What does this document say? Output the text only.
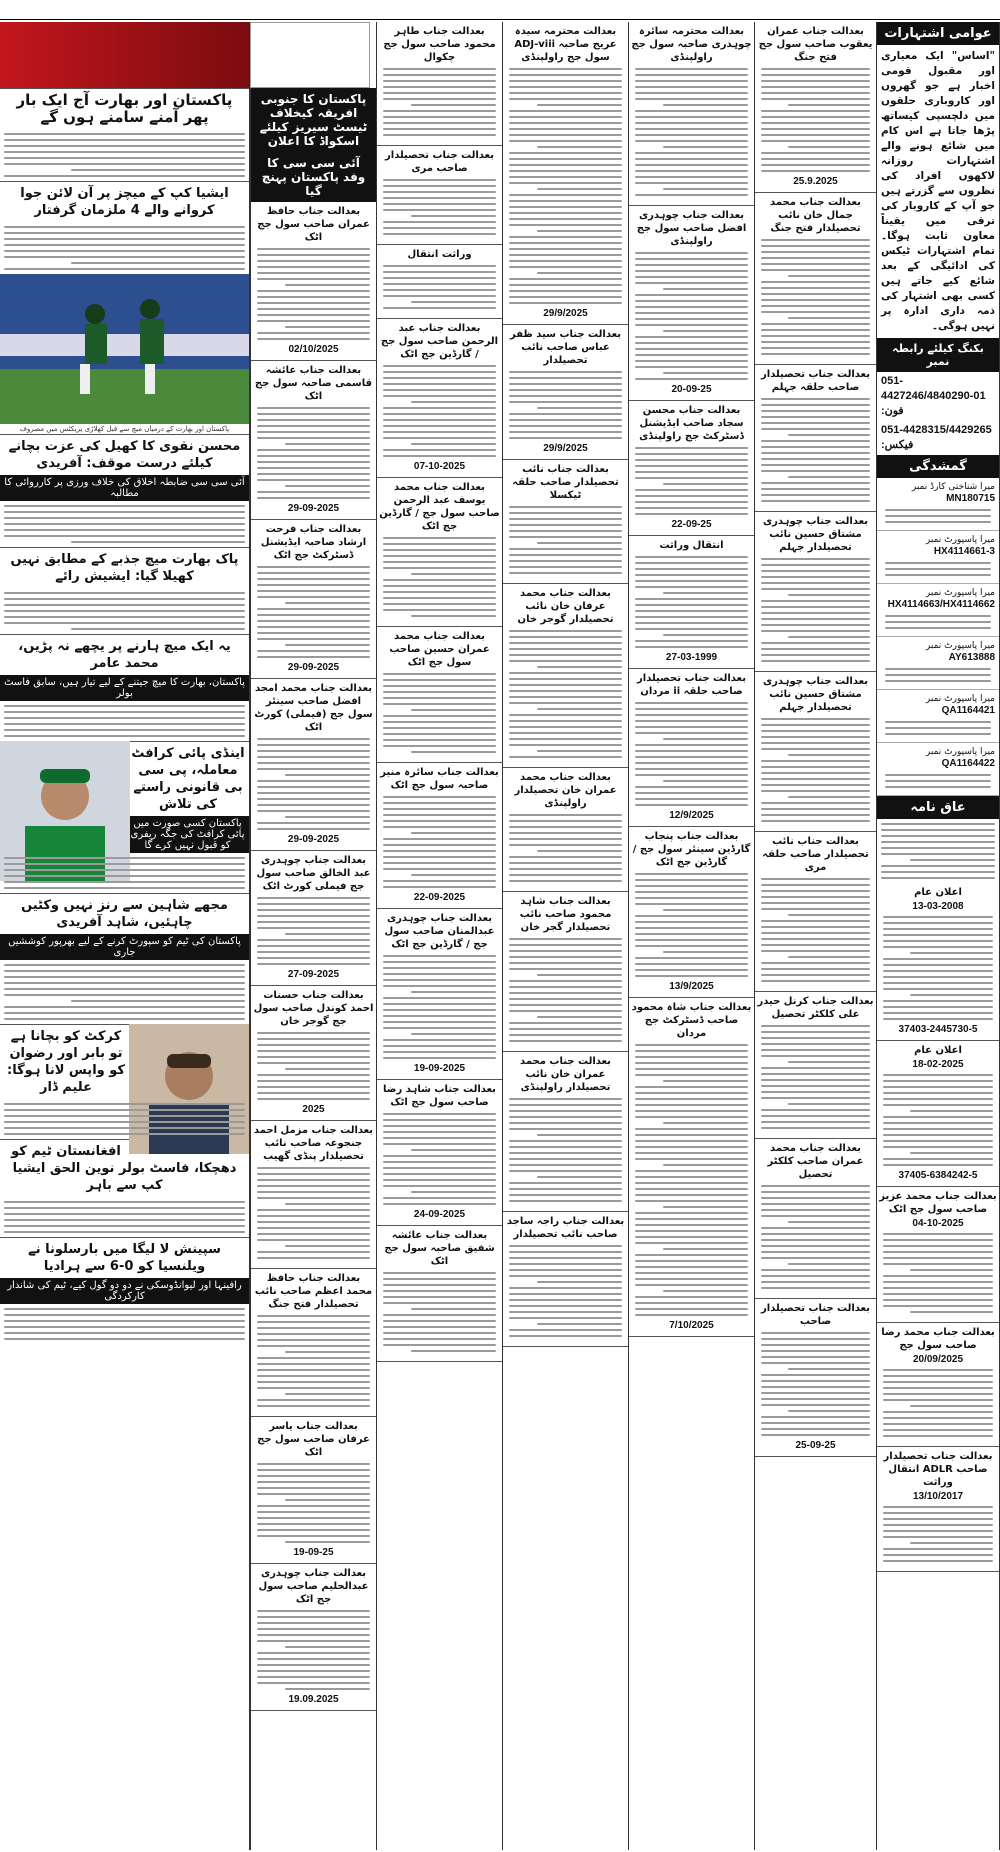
پاکستان اور بھارت آج ایک بار پھر آمنے سامنے ہوں گے
ایشیا کپ کے میچز پر آن لائن جوا کروانے والے 4 ملزمان گرفتار
پاکستان اور بھارت کے درمیان میچ سے قبل کھلاڑی پریکٹس میں مصروف
محسن نقوی کا کھیل کی عزت بچانے کیلئے درست موقف: آفریدی
آئی سی سی ضابطہ اخلاق کی خلاف ورزی پر کارروائی کا مطالبہ
پاک بھارت میچ جذبے کے مطابق نہیں کھیلا گیا: ایشیش رائے
یہ ایک میچ ہارنے پر یچھے نہ پڑیں، محمد عامر
پاکستان، بھارت کا میچ جیتنے کے لیے تیار ہیں، سابق فاسٹ بولر
اینڈی پائی کرافٹ معاملہ، پی سی بی قانونی راستے کی تلاش
پاکستان کسی صورت میں پائی کرافٹ کی جگہ ریفری کو قبول نہیں کرے گا
مجھے شاہین سے رنز نہیں وکٹیں چاہئیں، شاہد آفریدی
پاکستان کی ٹیم کو سپورٹ کرنے کے لیے بھرپور کوششیں جاری
کرکٹ کو بچانا ہے تو بابر اور رضوان کو واپس لانا ہوگا: علیم ڈار
افغانستان ٹیم کو دھچکا، فاسٹ بولر نوین الحق ایشیا کپ سے باہر
سپینش لا لیگا میں بارسلونا نے ویلنسیا کو 0-6 سے ہرادیا
رافینہا اور لیوانڈوسکی نے دو دو گول کیے، ٹیم کی شاندار کارکردگی
پاکستان کا جنوبی افریقہ کیخلاف ٹیسٹ سیریز کیلئے اسکواڈ کا اعلان
آئی سی سی کا وفد پاکستان پہنچ گیا
بعدالت جناب حافظ عمران صاحب سول جج اٹک
02/10/2025
بعدالت جناب عائشہ قاسمی صاحبہ سول جج اٹک
29-09-2025
بعدالت جناب فرحت ارشاد صاحبہ ایڈیشنل ڈسٹرکٹ جج اٹک
29-09-2025
بعدالت جناب محمد امجد افضل صاحب سینئر سول جج (فیملی) کورٹ اٹک
29-09-2025
بعدالت جناب چوہدری عبد الخالق صاحب سول جج فیملی کورٹ اٹک
27-09-2025
بعدالت جناب حسنات احمد کوندل صاحب سول جج گوجر خان
2025
بعدالت جناب مزمل احمد جنجوعہ صاحب نائب تحصیلدار پنڈی گھیب
بعدالت جناب حافظ محمد اعظم صاحب نائب تحصیلدار فتح جنگ
بعدالت جناب یاسر عرفان صاحب سول جج اٹک
19-09-25
بعدالت جناب چوہدری عبدالحلیم صاحب سول جج اٹک
19.09.2025
بعدالت جناب طاہر محمود صاحب سول جج چکوال
بعدالت جناب تحصیلدار صاحب مری
وراثت انتقال
بعدالت جناب عبد الرحمن صاحب سول جج / گارڈین جج اٹک
07-10-2025
بعدالت جناب محمد یوسف عبد الرحمن صاحب سول جج / گارڈین جج اٹک
بعدالت جناب محمد عمران حسین صاحب سول جج اٹک
بعدالت جناب سائرہ منیر صاحبہ سول جج اٹک
22-09-2025
بعدالت جناب چوہدری عبدالمنان صاحب سول جج / گارڈین جج اٹک
19-09-2025
بعدالت جناب شاہد رضا صاحب سول جج اٹک
24-09-2025
بعدالت جناب عائشہ شفیق صاحبہ سول جج اٹک
بعدالت محترمہ سیدہ عریج صاحبہ ADJ-viii سول جج راولپنڈی
29/9/2025
بعدالت جناب سید ظفر عباس صاحب نائب تحصیلدار
29/9/2025
بعدالت جناب نائب تحصیلدار صاحب حلقہ ٹیکسلا
بعدالت جناب محمد عرفان خان نائب تحصیلدار گوجر خان
بعدالت جناب محمد عمران خان تحصیلدار راولپنڈی
بعدالت جناب شاہد محمود صاحب نائب تحصیلدار گجر خان
بعدالت جناب محمد عمران خان نائب تحصیلدار راولپنڈی
بعدالت جناب راجہ ساجد صاحب نائب تحصیلدار
بعدالت محترمہ سائرہ چوہدری صاحبہ سول جج راولپنڈی
بعدالت جناب چوہدری افضل صاحب سول جج راولپنڈی
20-09-25
بعدالت جناب محسن سجاد صاحب ایڈیشنل ڈسٹرکٹ جج راولپنڈی
22-09-25
انتقال وراثت
27-03-1999
بعدالت جناب تحصیلدار صاحب حلقہ ii مردان
12/9/2025
بعدالت جناب پنجاب گارڈین سینئر سول جج / گارڈین جج اٹک
13/9/2025
بعدالت جناب شاہ محمود صاحب ڈسٹرکٹ جج مردان
7/10/2025
بعدالت جناب عمران یعقوب صاحب سول جج فتح جنگ
25.9.2025
بعدالت جناب محمد جمال خان نائب تحصیلدار فتح جنگ
بعدالت جناب تحصیلدار صاحب حلقہ جہلم
بعدالت جناب چوہدری مشتاق حسین نائب تحصیلدار جہلم
بعدالت جناب چوہدری مشتاق حسین نائب تحصیلدار جہلم
بعدالت جناب نائب تحصیلدار صاحب حلقہ مری
بعدالت جناب کرنل حیدر علی کلکٹر تحصیل
بعدالت جناب محمد عمران صاحب کلکٹر تحصیل
بعدالت جناب تحصیلدار صاحب
25-09-25
عوامی اشتہارات
"اساس" ایک معیاری اور مقبول قومی اخبار ہے جو گھروں اور کاروباری حلقوں میں دلچسپی کیساتھ پڑھا جاتا ہے اس کام میں شائع ہونے والے اشتہارات روزانہ لاکھوں افراد کی نظروں سے گزرتے ہیں جو آپ کے کاروبار کی ترقی میں یقیناً معاون ثابت ہوگا۔ تمام اشتہارات ٹیکس کی ادائیگی کے بعد شائع کیے جاتے ہیں کسی بھی اشتہار کی ذمہ داری ادارہ پر نہیں ہوگی۔
بکنگ کیلئے رابطہ نمبر
051-4427246/4840290-01 :فون
051-4428315/4429265 :فیکس
گمشدگی
میرا شناختی کارڈ نمبر MN180715
میرا پاسپورٹ نمبر HX4114661-3
میرا پاسپورٹ نمبر HX4114663/HX4114662
میرا پاسپورٹ نمبر AY613888
میرا پاسپورٹ نمبر QA1164421
میرا پاسپورٹ نمبر QA1164422
عاق نامہ
اعلان عام
13-03-2008
37403-2445730-5
اعلان عام
18-02-2025
37405-6384242-5
بعدالت جناب محمد عزیز صاحب سول جج اٹک
04-10-2025
بعدالت جناب محمد رضا صاحب سول جج
20/09/2025
بعدالت جناب تحصیلدار صاحب ADLR انتقال وراثت
13/10/2017
